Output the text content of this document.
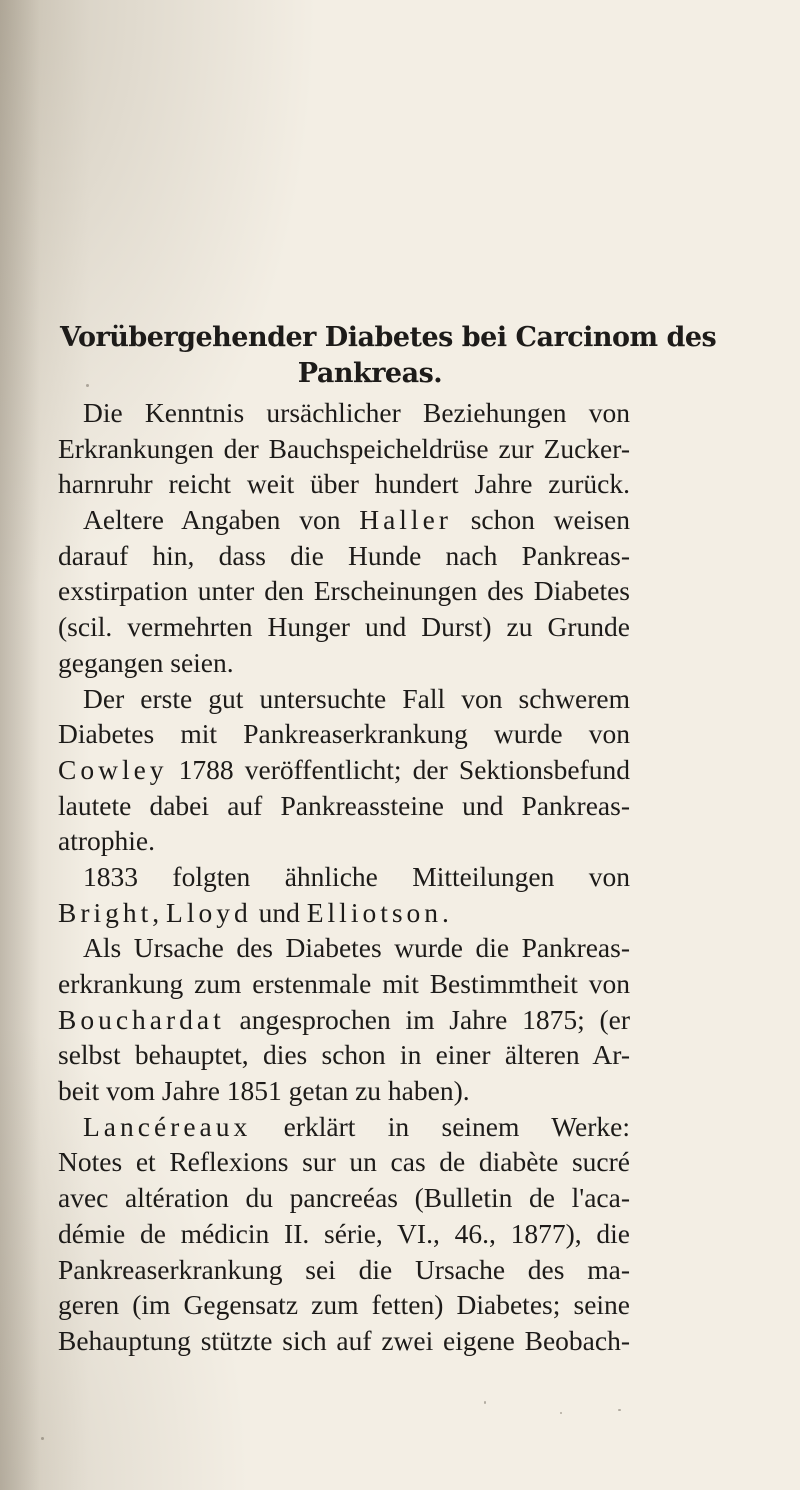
Vorübergehender Diabetes bei Carcinom des
Pankreas.
Die Kenntnis ursächlicher Beziehungen von
Erkrankungen der Bauchspeicheldrüse zur Zucker-
harnruhr reicht weit über hundert Jahre zurück.
Aeltere Angaben von Haller schon weisen
darauf hin, dass die Hunde nach Pankreas-
exstirpation unter den Erscheinungen des Diabetes
(scil. vermehrten Hunger und Durst) zu Grunde
gegangen seien.
Der erste gut untersuchte Fall von schwerem
Diabetes mit Pankreaserkrankung wurde von
Cowley 1788 veröffentlicht; der Sektionsbefund
lautete dabei auf Pankreassteine und Pankreas-
atrophie.
1833 folgten ähnliche Mitteilungen von
Bright, Lloyd und Elliotson.
Als Ursache des Diabetes wurde die Pankreas-
erkrankung zum erstenmale mit Bestimmtheit von
Bouchardat angesprochen im Jahre 1875; (er
selbst behauptet, dies schon in einer älteren Ar-
beit vom Jahre 1851 getan zu haben).
Lancéreaux erklärt in seinem Werke:
Notes et Reflexions sur un cas de diabète sucré
avec altération du pancreéas (Bulletin de l'aca-
démie de médicin II. série, VI., 46., 1877), die
Pankreaserkrankung sei die Ursache des ma-
geren (im Gegensatz zum fetten) Diabetes; seine
Behauptung stützte sich auf zwei eigene Beobach-
